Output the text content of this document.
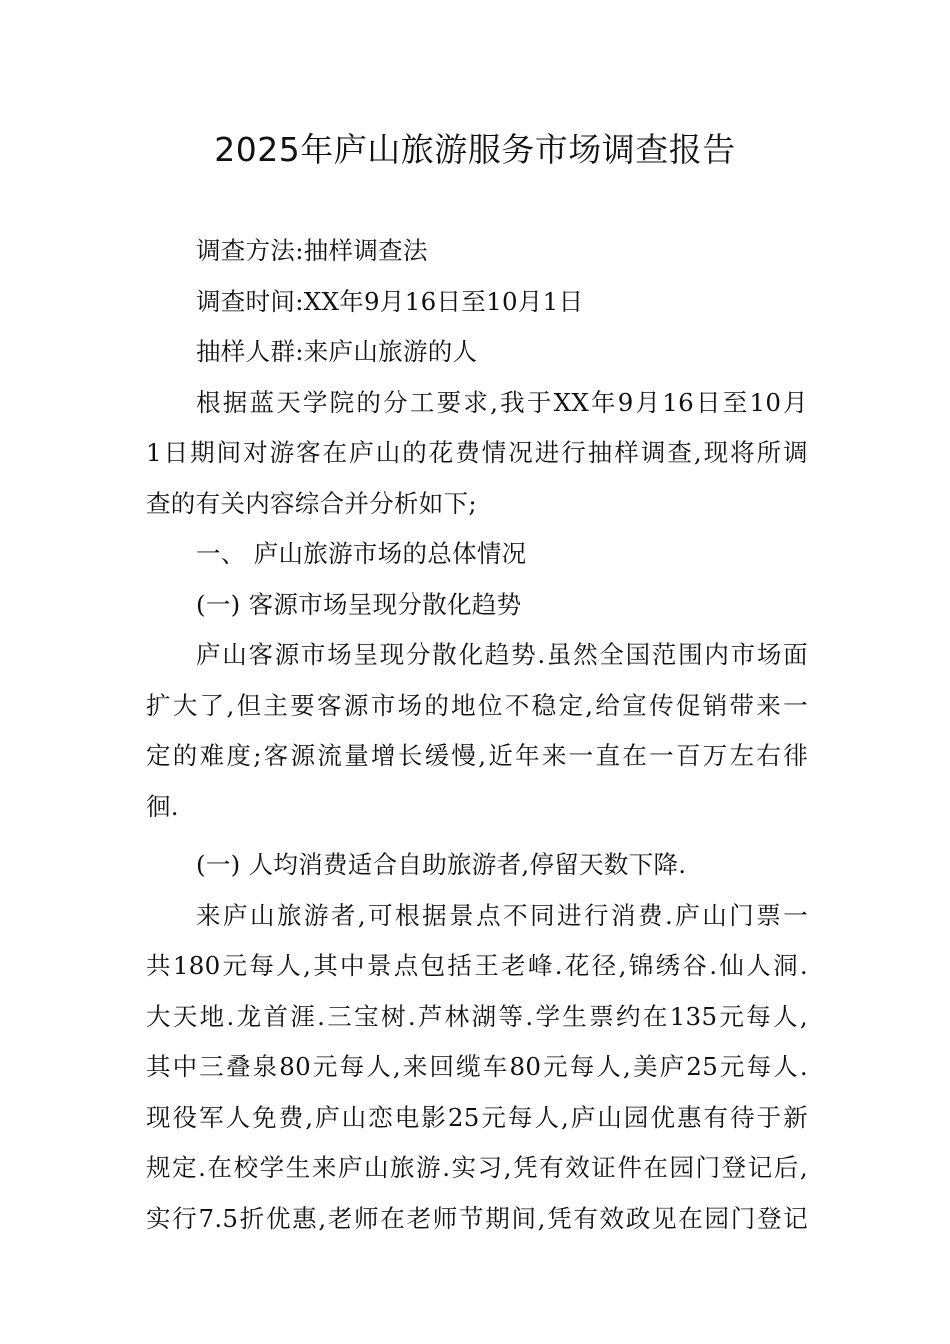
2025年庐山旅游服务市场调查报告
调查方法:抽样调查法
调查时间:XX年9月16日至10月1日
抽样人群:来庐山旅游的人
根据蓝天学院的分工要求,我于XX年9月16日至10月
1日期间对游客在庐山的花费情况进行抽样调查,现将所调
查的有关内容综合并分析如下;
一、 庐山旅游市场的总体情况
(一) 客源市场呈现分散化趋势
庐山客源市场呈现分散化趋势.虽然全国范围内市场面
扩大了,但主要客源市场的地位不稳定,给宣传促销带来一
定的难度;客源流量增长缓慢,近年来一直在一百万左右徘
徊.
(一) 人均消费适合自助旅游者,停留天数下降.
来庐山旅游者,可根据景点不同进行消费.庐山门票一
共180元每人,其中景点包括王老峰.花径,锦绣谷.仙人洞.
大天地.龙首涯.三宝树.芦林湖等.学生票约在135元每人,
其中三叠泉80元每人,来回缆车80元每人,美庐25元每人.
现役军人免费,庐山恋电影25元每人,庐山园优惠有待于新
规定.在校学生来庐山旅游.实习,凭有效证件在园门登记后,
实行7.5折优惠,老师在老师节期间,凭有效政见在园门登记
